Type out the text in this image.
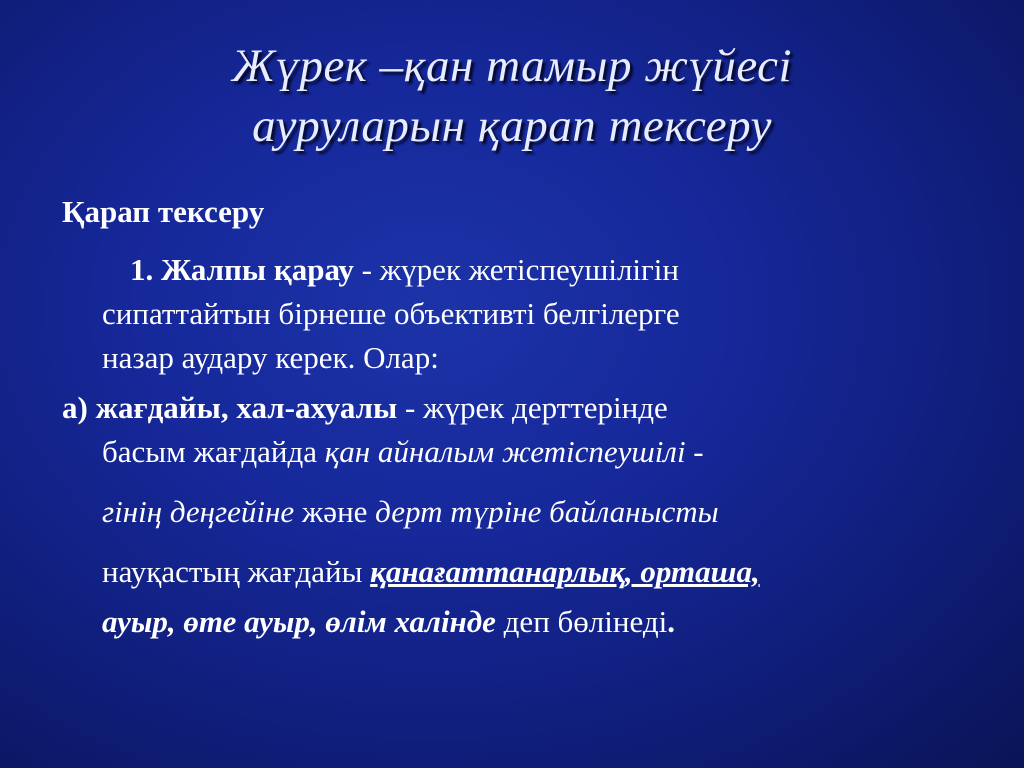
Жүрек –қан тамыр жүйесі
ауруларын қарап тексеру
Қарап тексеру
1. Жалпы қарау - жүрек жетіспеушілігін
сипаттайтын бірнеше объективті белгілерге
назар аудару керек. Олар:
а) жағдайы, хал-ахуалы - жүрек дерттерінде
басым жағдайда қан айналым жетіспеушілі -
гінің деңгейіне және дерт түріне байланысты
науқастың жағдайы қанағаттанарлық, орташа,
ауыр, өте ауыр, өлім халінде деп бөлінеді.
